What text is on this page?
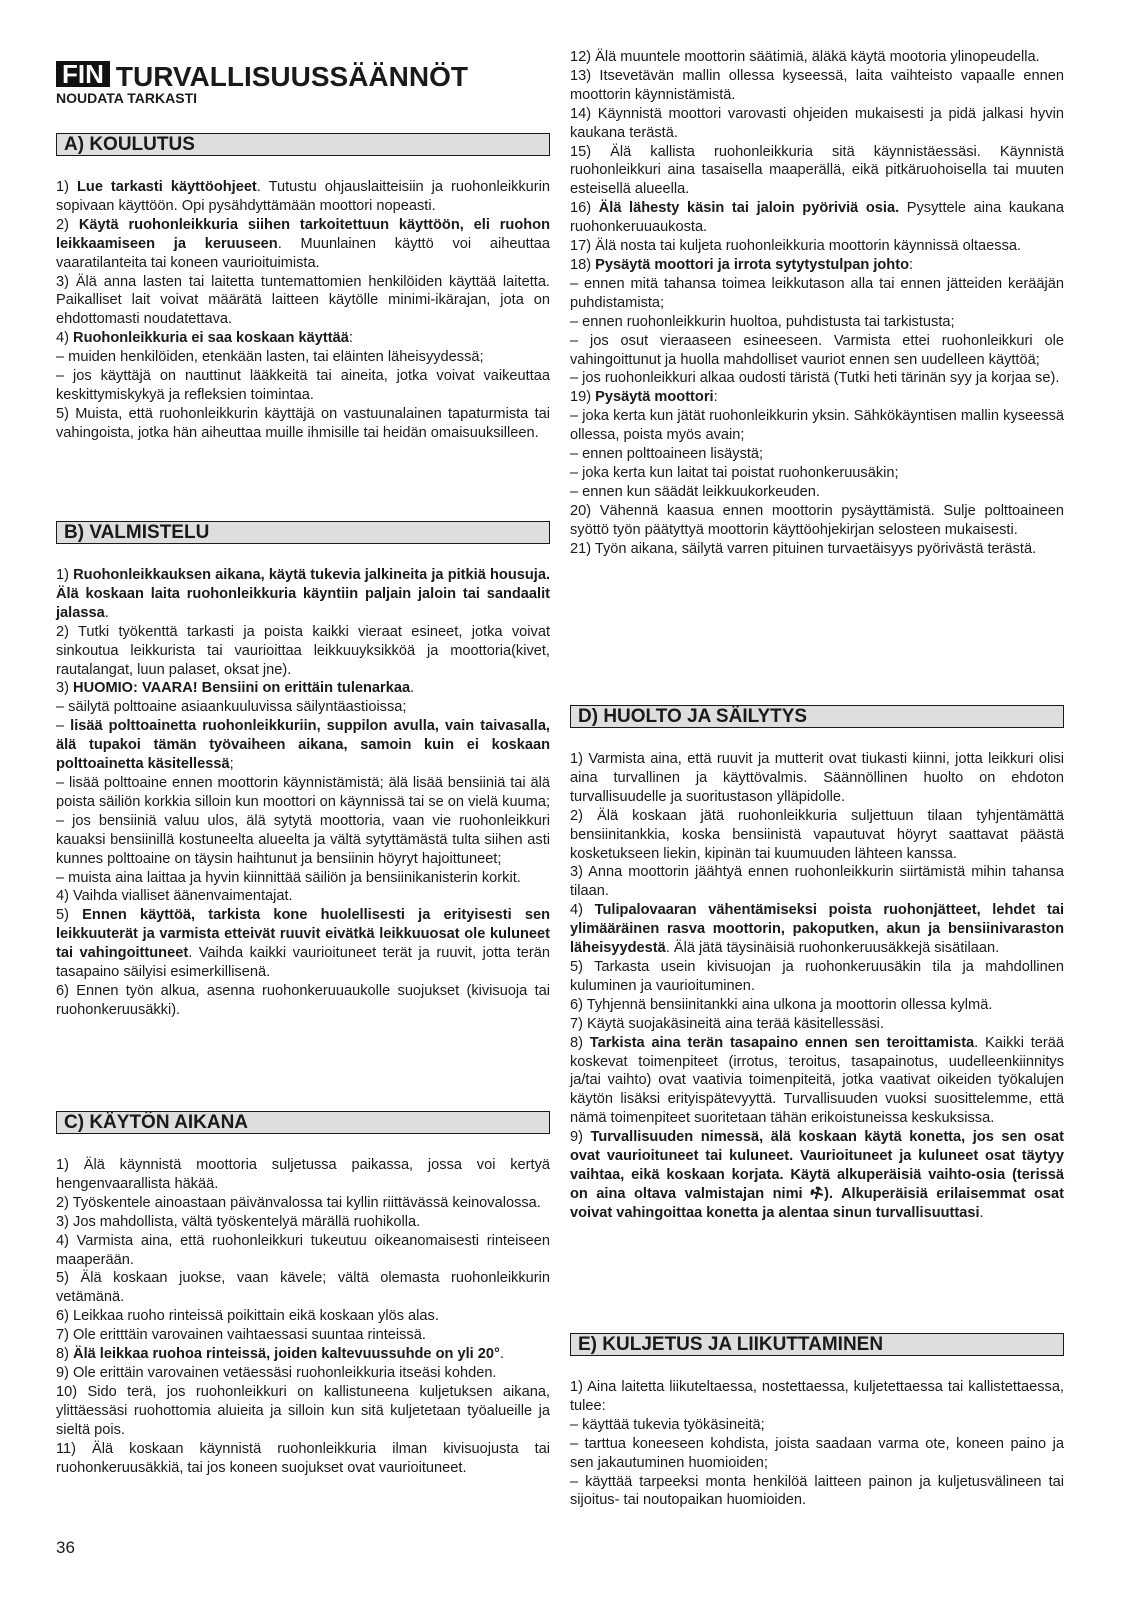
FIN TURVALLISUUSSÄÄNNÖT
NOUDATA TARKASTI
A) KOULUTUS
1) Lue tarkasti käyttöohjeet. Tutustu ohjauslaitteisiin ja ruohonleikkurin sopivaan käyttöön. Opi pysähdyttämään moottori nopeasti.
2) Käytä ruohonleikkuria siihen tarkoitettuun käyttöön, eli ruohon leikkaamiseen ja keruuseen. Muunlainen käyttö voi aiheuttaa vaaratilanteita tai koneen vaurioituimista.
3) Älä anna lasten tai laitetta tuntemattomien henkilöiden käyttää laitetta. Paikalliset lait voivat määrätä laitteen käytölle minimi-ikärajan, jota on ehdottomasti noudatettava.
4) Ruohonleikkuria ei saa koskaan käyttää:
– muiden henkilöiden, etenkään lasten, tai eläinten läheisyydessä;
– jos käyttäjä on nauttinut lääkkeitä tai aineita, jotka voivat vaikeuttaa keskittymiskykyä ja refleksien toimintaa.
5) Muista, että ruohonleikkurin käyttäjä on vastuunalainen tapaturmista tai vahingoista, jotka hän aiheuttaa muille ihmisille tai heidän omaisuuksilleen.
B) VALMISTELU
1) Ruohonleikkauksen aikana, käytä tukevia jalkineita ja pitkiä housuja. Älä koskaan laita ruohonleikkuria käyntiin paljain jaloin tai sandaalit jalassa.
2) Tutki työkenttä tarkasti ja poista kaikki vieraat esineet, jotka voivat sinkoutua leikkurista tai vaurioittaa leikkuuyksikköä ja moottoria(kivet, rautalangat, luun palaset, oksat jne).
3) HUOMIO: VAARA! Bensiini on erittäin tulenarkaa.
– säilytä polttoaine asiaankuuluvissa säilyntäastioissa;
– lisää polttoainetta ruohonleikkuriin, suppilon avulla, vain taivasalla, älä tupakoi tämän työvaiheen aikana, samoin kuin ei koskaan polttoainetta käsitellessä;
– lisää polttoaine ennen moottorin käynnistämistä; älä lisää bensiiniä tai älä poista säiliön korkkia silloin kun moottori on käynnissä tai se on vielä kuuma;
– jos bensiiniä valuu ulos, älä sytytä moottoria, vaan vie ruohonleikkuri kauaksi bensiinillä kostuneelta alueelta ja vältä sytyttämästä tulta siihen asti kunnes polttoaine on täysin haihtunut ja bensiinin höyryt hajoittuneet;
– muista aina laittaa ja hyvin kiinnittää säiliön ja bensiinikanisterin korkit.
4) Vaihda vialliset äänenvaimentajat.
5) Ennen käyttöä, tarkista kone huolellisesti ja erityisesti sen leikkuuterät ja varmista etteivät ruuvit eivätkä leikkuuosat ole kuluneet tai vahingoittuneet. Vaihda kaikki vaurioituneet terät ja ruuvit, jotta terän tasapaino säilyisi esimerkillisenä.
6) Ennen työn alkua, asenna ruohonkeruuaukolle suojukset (kivisuoja tai ruohonkeruusäkki).
C) KÄYTÖN AIKANA
1) Älä käynnistä moottoria suljetussa paikassa, jossa voi kertyä hengenvaarallista häkää.
2) Työskentele ainoastaan päivänvalossa tai kyllin riittävässä keinovalossa.
3) Jos mahdollista, vältä työskentelyä märällä ruohikolla.
4) Varmista aina, että ruohonleikkuri tukeutuu oikeanomaisesti rinteiseen maaperään.
5) Älä koskaan juokse, vaan kävele; vältä olemasta ruohonleikkurin vetämänä.
6) Leikkaa ruoho rinteissä poikittain eikä koskaan ylös alas.
7) Ole eritttäin varovainen vaihtaessasi suuntaa rinteissä.
8) Älä leikkaa ruohoa rinteissä, joiden kaltevuussuhde on yli 20°.
9) Ole erittäin varovainen vetäessäsi ruohonleikkuria itseäsi kohden.
10) Sido terä, jos ruohonleikkuri on kallistuneena kuljetuksen aikana, ylittäessäsi ruohottomia aluieita ja silloin kun sitä kuljetetaan työalueille ja sieltä pois.
11) Älä koskaan käynnistä ruohonleikkuria ilman kivisuojusta tai ruohonkeruusäkkiä, tai jos koneen suojukset ovat vaurioituneet.
12) Älä muuntele moottorin säätimiä, äläkä käytä mootoria ylinopeudella.
13) Itsevetävän mallin ollessa kyseessä, laita vaihteisto vapaalle ennen moottorin käynnistämistä.
14) Käynnistä moottori varovasti ohjeiden mukaisesti ja pidä jalkasi hyvin kaukana terästä.
15) Älä kallista ruohonleikkuria sitä käynnistäessäsi. Käynnistä ruohonleikkuri aina tasaisella maaperällä, eikä pitkäruohoisella tai muuten esteisellä alueella.
16) Älä lähesty käsin tai jaloin pyöriviä osia. Pysyttele aina kaukana ruohonkeruuaukosta.
17) Älä nosta tai kuljeta ruohonleikkuria moottorin käynnissä oltaessa.
18) Pysäytä moottori ja irrota sytytystulpan johto:
– ennen mitä tahansa toimea leikkutason alla tai ennen jätteiden kerääjän puhdistamista;
– ennen ruohonleikkurin huoltoa, puhdistusta tai tarkistusta;
– jos osut vieraaseen esineeseen. Varmista ettei ruohonleikkuri ole vahingoittunut ja huolla mahdolliset vauriot ennen sen uudelleen käyttöä;
– jos ruohonleikkuri alkaa oudosti täristä (Tutki heti tärinän syy ja korjaa se).
19) Pysäytä moottori:
– joka kerta kun jätät ruohonleikkurin yksin. Sähkökäyntisen mallin kyseessä ollessa, poista myös avain;
– ennen polttoaineen lisäystä;
– joka kerta kun laitat tai poistat ruohonkeruusäkin;
– ennen kun säädät leikkuukorkeuden.
20) Vähennä kaasua ennen moottorin pysäyttämistä. Sulje polttoaineen syöttö työn päätyttyä moottorin käyttöohjekirjan selosteen mukaisesti.
21) Työn aikana, säilytä varren pituinen turvaetäisyys pyörivästä terästä.
D) HUOLTO JA SÄILYTYS
1) Varmista aina, että ruuvit ja mutterit ovat tiukasti kiinni, jotta leikkuri olisi aina turvallinen ja käyttövalmis. Säännöllinen huolto on ehdoton turvallisuudelle ja suoritustason ylläpidolle.
2) Älä koskaan jätä ruohonleikkuria suljettuun tilaan tyhjentämättä bensiinitankkia, koska bensiinistä vapautuvat höyryt saattavat päästä kosketukseen liekin, kipinän tai kuumuuden lähteen kanssa.
3) Anna moottorin jäähtyä ennen ruohonleikkurin siirtämistä mihin tahansa tilaan.
4) Tulipalovaaran vähentämiseksi poista ruohonjätteet, lehdet tai ylimääräinen rasva moottorin, pakoputken, akun ja bensiinivaraston läheisyydestä. Älä jätä täysinäisiä ruohonkeruusäkkejä sisätilaan.
5) Tarkasta usein kivisuojan ja ruohonkeruusäkin tila ja mahdollinen kuluminen ja vaurioituminen.
6) Tyhjennä bensiinitankki aina ulkona ja moottorin ollessa kylmä.
7) Käytä suojakäsineitä aina terää käsitellessäsi.
8) Tarkista aina terän tasapaino ennen sen teroittamista. Kaikki terää koskevat toimenpiteet (irrotus, teroitus, tasapainotus, uudelleenkiinnitys ja/tai vaihto) ovat vaativia toimenpiteitä, jotka vaativat oikeiden työkalujen käytön lisäksi erityispätevyyttä. Turvallisuuden vuoksi suosittelemme, että nämä toimenpiteet suoritetaan tähän erikoistuneissa keskuksissa.
9) Turvallisuuden nimessä, älä koskaan käytä konetta, jos sen osat ovat vaurioituneet tai kuluneet. Vaurioituneet ja kuluneet osat täytyy vaihtaa, eikä koskaan korjata. Käytä alkuperäisiä vaihto-osia (terissä on aina oltava valmistajan nimi ⚒). Alkuperäisiä erilaisemmat osat voivat vahingoittaa konetta ja alentaa sinun turvallisuuttasi.
E) KULJETUS JA LIIKUTTAMINEN
1) Aina laitetta liikuteltaessa, nostettaessa, kuljetettaessa tai kallistettaessa, tulee:
– käyttää tukevia työkäsineitä;
– tarttua koneeseen kohdista, joista saadaan varma ote, koneen paino ja sen jakautuminen huomioiden;
– käyttää tarpeeksi monta henkilöä laitteen painon ja kuljetusvälineen tai sijoitus- tai noutopaikan huomioiden.
36
